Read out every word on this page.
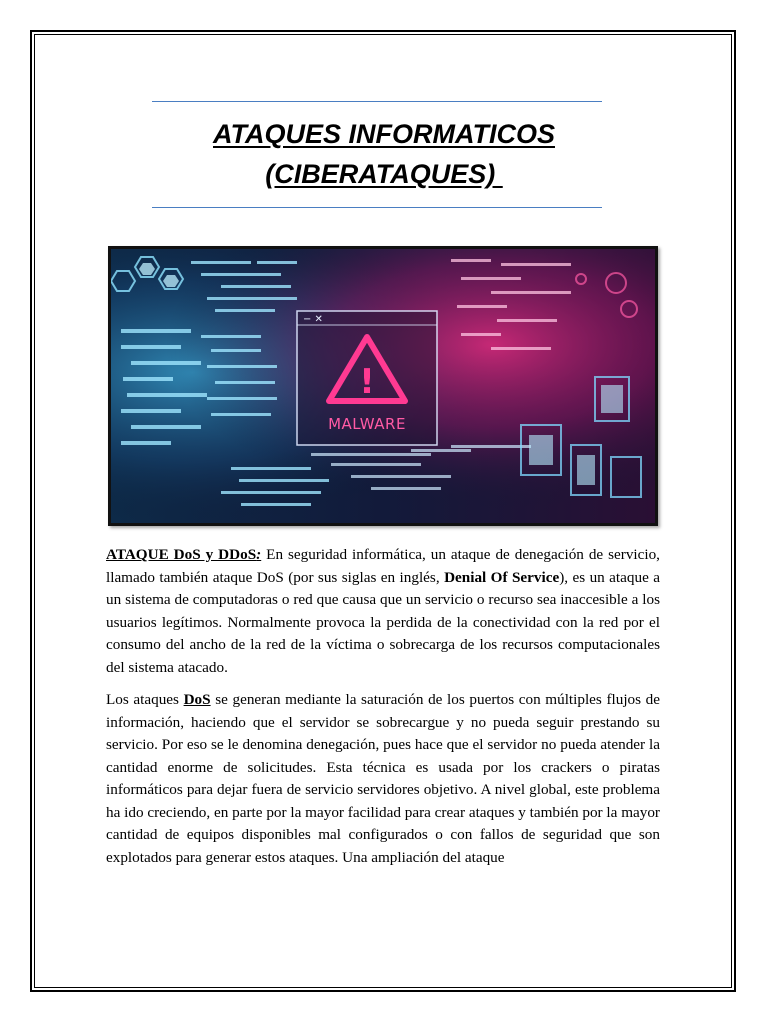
ATAQUES INFORMATICOS
(CIBERATAQUES)
− ✕
!
MALWARE

ATAQUE DoS y DDoS: En seguridad informática, un ataque de denegación de servicio, llamado también ataque DoS (por sus siglas en inglés, Denial Of Service), es un ataque a un sistema de computadoras o red que causa que un servicio o recurso sea inaccesible a los usuarios legítimos. Normalmente provoca la perdida de la conectividad con la red por el consumo del ancho de la red de la víctima o sobrecarga de los recursos computacionales del sistema atacado.

Los ataques DoS se generan mediante la saturación de los puertos con múltiples flujos de información, haciendo que el servidor se sobrecargue y no pueda seguir prestando su servicio. Por eso se le denomina denegación, pues hace que el servidor no pueda atender la cantidad enorme de solicitudes. Esta técnica es usada por los crackers o piratas informáticos para dejar fuera de servicio servidores objetivo. A nivel global, este problema ha ido creciendo, en parte por la mayor facilidad para crear ataques y también por la mayor cantidad de equipos disponibles mal configurados o con fallos de seguridad que son explotados para generar estos ataques. Una ampliación del ataque
